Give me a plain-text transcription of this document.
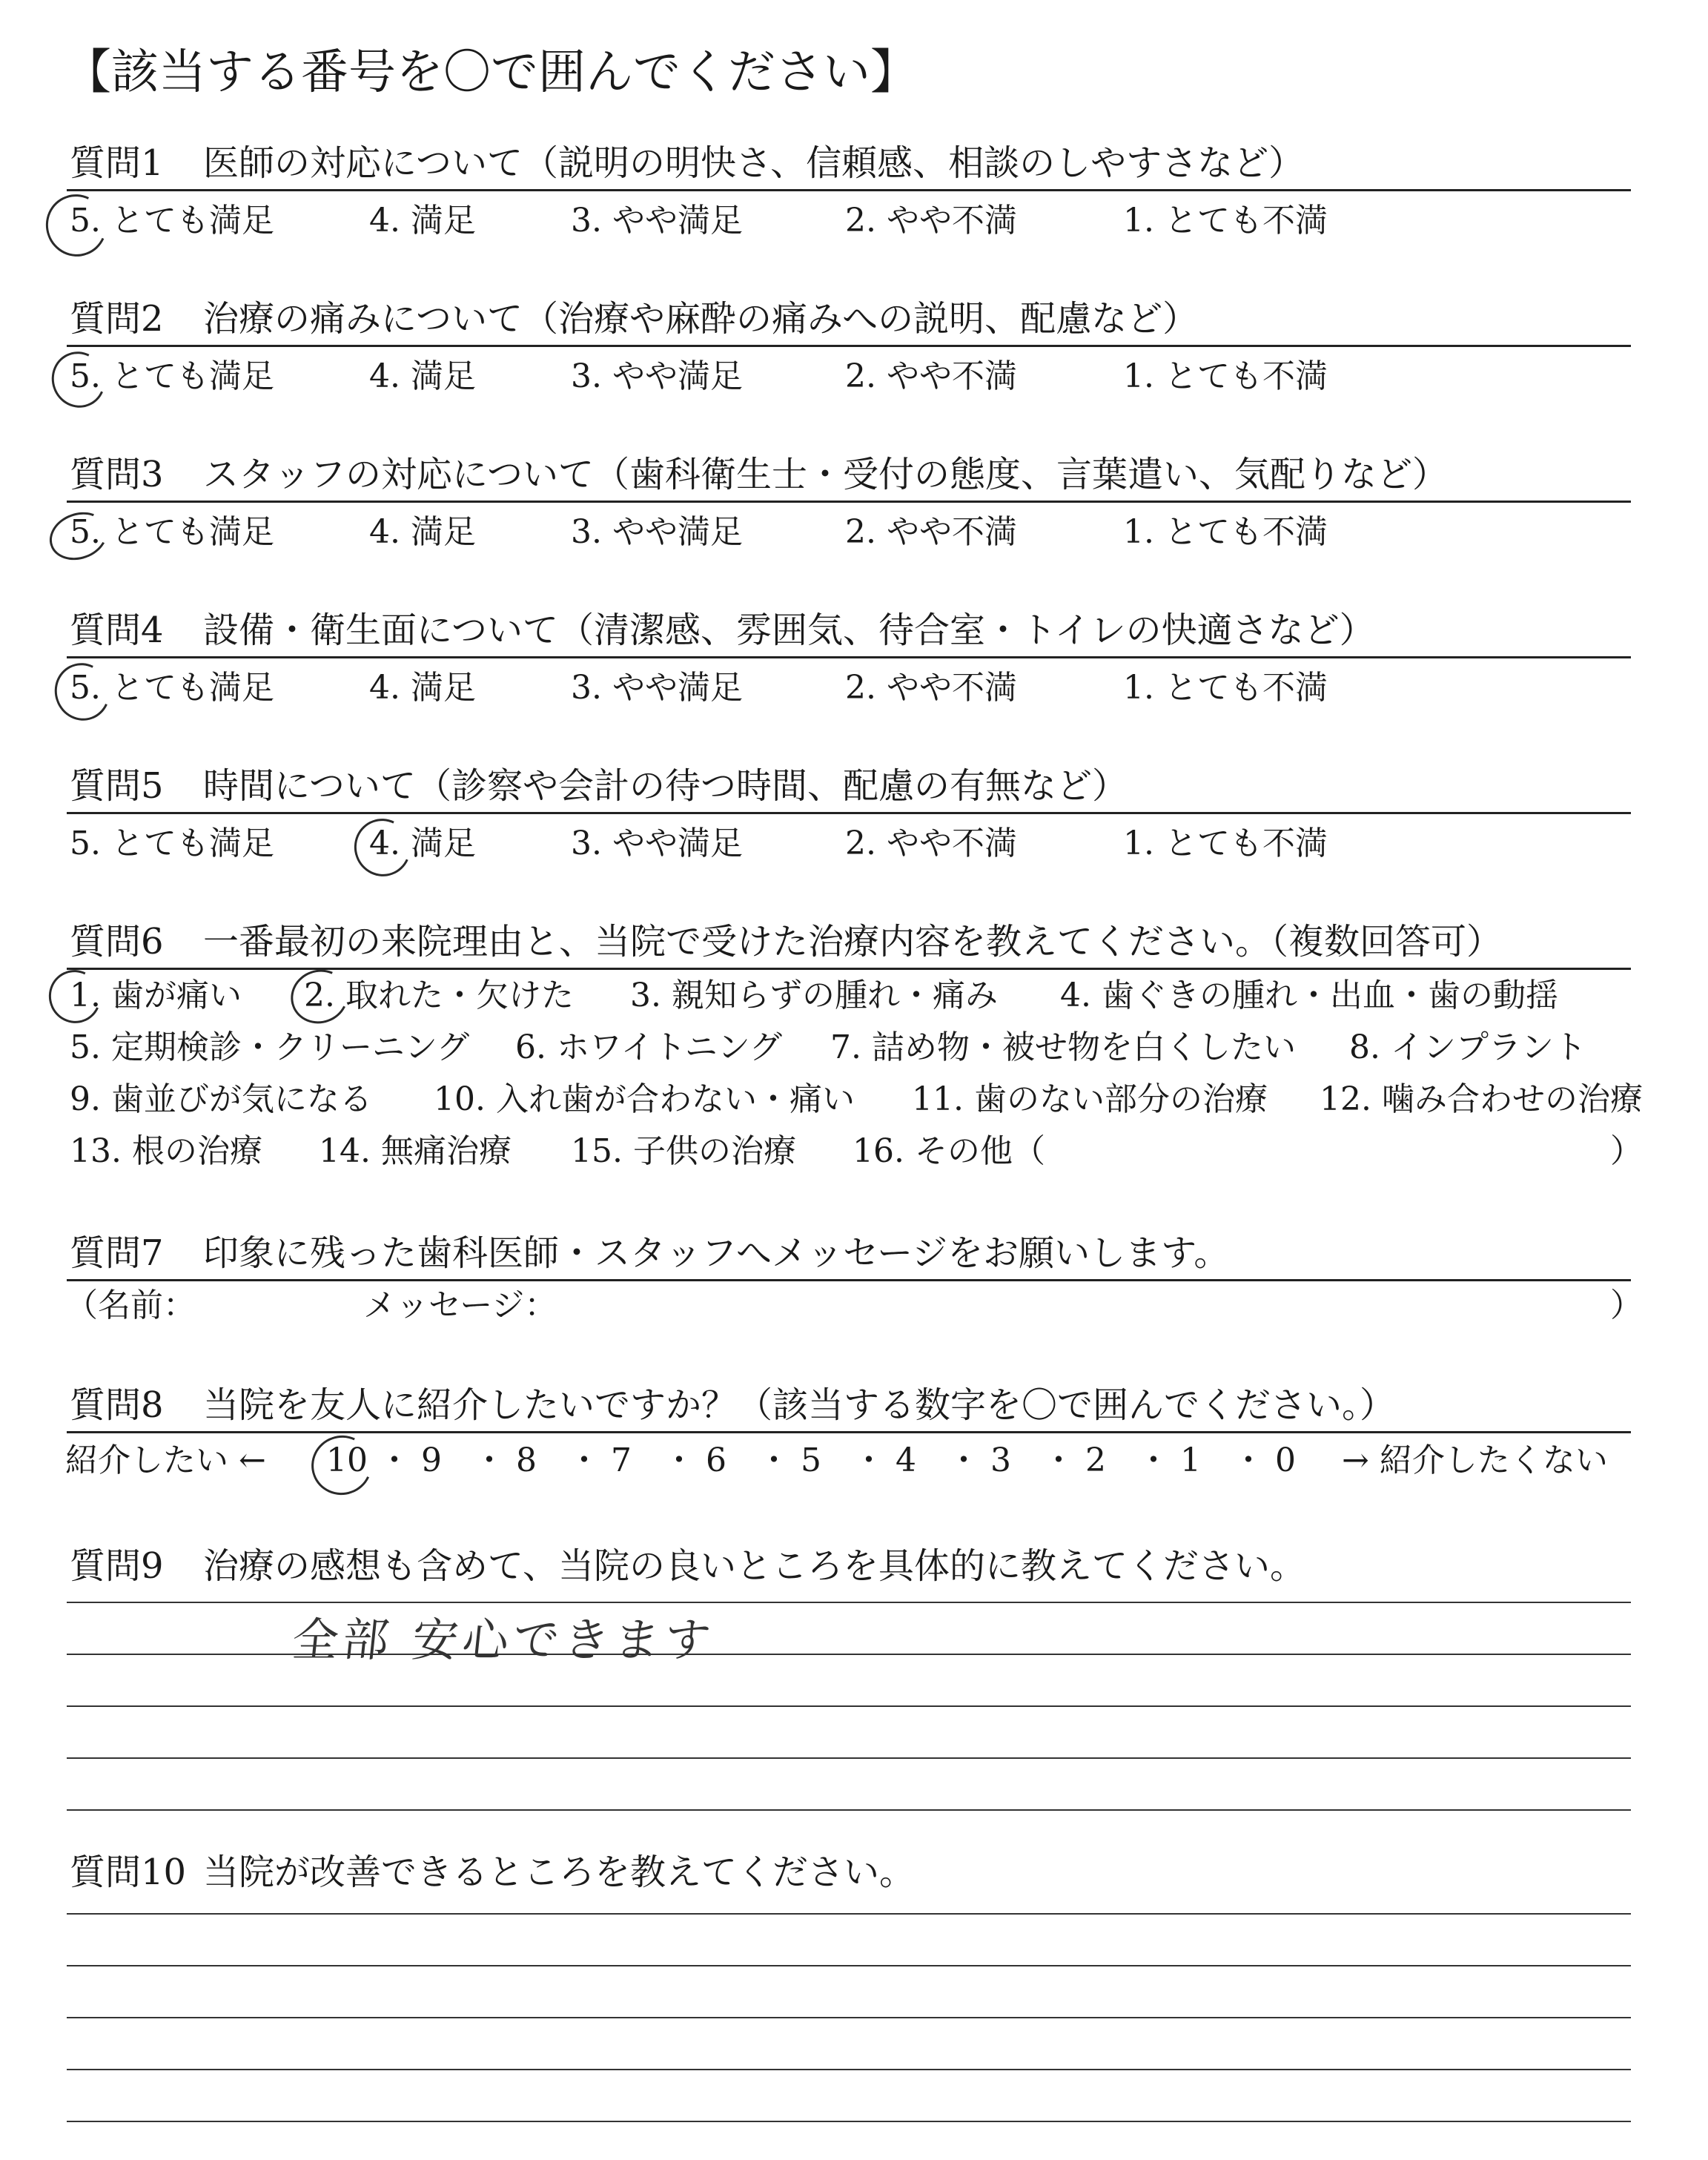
【該当する番号を〇で囲んでください】
質問1 医師の対応について（説明の明快さ、信頼感、相談のしやすさなど）
5. とても満足	4. 満足	3. やや満足	2. やや不満	1. とても不満
質問2 治療の痛みについて（治療や麻酔の痛みへの説明、配慮など）
5. とても満足	4. 満足	3. やや満足	2. やや不満	1. とても不満
質問3 スタッフの対応について（歯科衛生士・受付の態度、言葉遣い、気配りなど）
5. とても満足	4. 満足	3. やや満足	2. やや不満	1. とても不満
質問4 設備・衛生面について（清潔感、雰囲気、待合室・トイレの快適さなど）
5. とても満足	4. 満足	3. やや満足	2. やや不満	1. とても不満
質問5 時間について（診察や会計の待つ時間、配慮の有無など）
5. とても満足	4. 満足	3. やや満足	2. やや不満	1. とても不満
質問6 一番最初の来院理由と、当院で受けた治療内容を教えてください。（複数回答可）
1. 歯が痛い 2. 取れた・欠けた 3. 親知らずの腫れ・痛み 4. 歯ぐきの腫れ・出血・歯の動揺
5. 定期検診・クリーニング 6. ホワイトニング 7. 詰め物・被せ物を白くしたい 8. インプラント
9. 歯並びが気になる 10. 入れ歯が合わない・痛い 11. 歯のない部分の治療 12. 噛み合わせの治療
13. 根の治療 14. 無痛治療 15. 子供の治療 16. その他（	）
質問7 印象に残った歯科医師・スタッフへメッセージをお願いします。
（名前：	メッセージ：	）
質問8 当院を友人に紹介したいですか？（該当する数字を〇で囲んでください。）
紹介したい ← 10 ・ 9 ・ 8 ・ 7 ・ 6 ・ 5 ・ 4 ・ 3 ・ 2 ・ 1 ・ 0 → 紹介したくない
質問9 治療の感想も含めて、当院の良いところを具体的に教えてください。
全部 安心できます
質問10 当院が改善できるところを教えてください。
